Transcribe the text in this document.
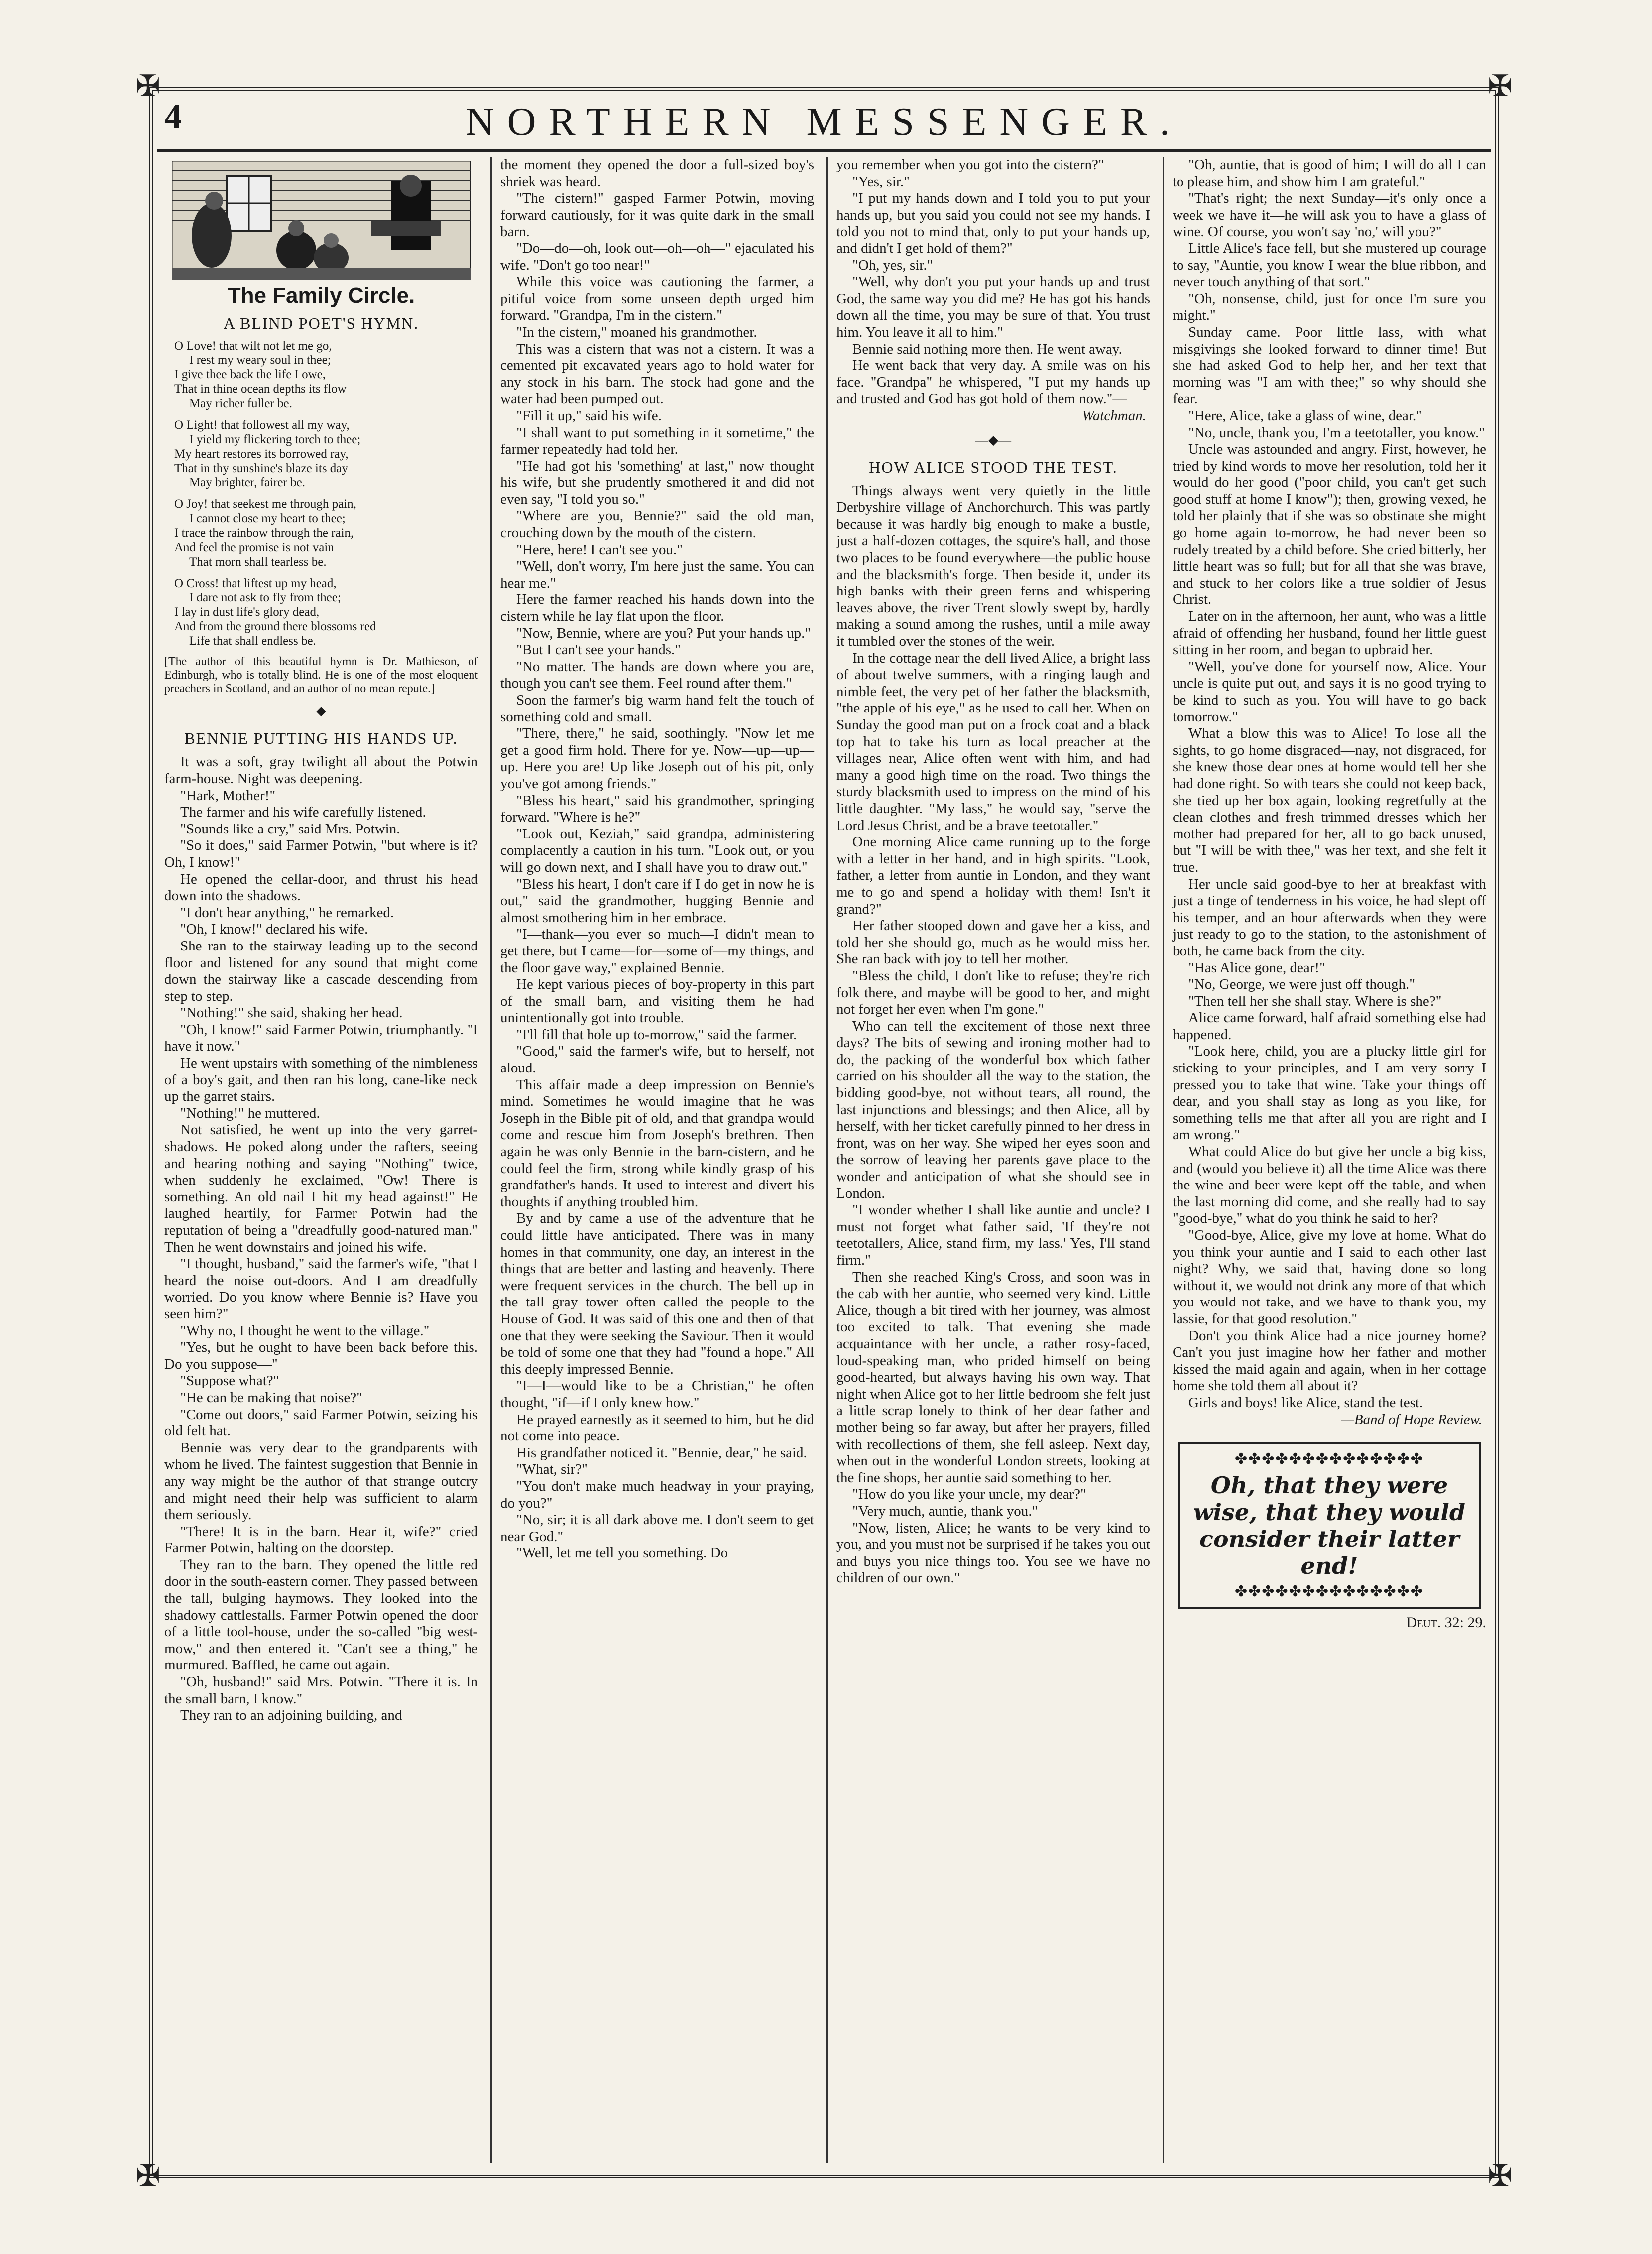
✠	✠
✠	✠
4	NORTHERN MESSENGER.
The Family Circle.
A BLIND POET'S HYMN.
O Love! that wilt not let me go,
I rest my weary soul in thee;
I give thee back the life I owe,
That in thine ocean depths its flow
May richer fuller be.
O Light! that followest all my way,
I yield my flickering torch to thee;
My heart restores its borrowed ray,
That in thy sunshine's blaze its day
May brighter, fairer be.
O Joy! that seekest me through pain,
I cannot close my heart to thee;
I trace the rainbow through the rain,
And feel the promise is not vain
That morn shall tearless be.
O Cross! that liftest up my head,
I dare not ask to fly from thee;
I lay in dust life's glory dead,
And from the ground there blossoms red
Life that shall endless be.

[The author of this beautiful hymn is Dr. Mathieson, of Edinburgh, who is totally blind. He is one of the most eloquent preachers in Scotland, and an author of no mean repute.]

—◆—
BENNIE PUTTING HIS HANDS UP.

It was a soft, gray twilight all about the Potwin farm-house. Night was deepening.

"Hark, Mother!"

The farmer and his wife carefully listened.

"Sounds like a cry," said Mrs. Potwin.

"So it does," said Farmer Potwin, "but where is it? Oh, I know!"

He opened the cellar-door, and thrust his head down into the shadows.

"I don't hear anything," he remarked.

"Oh, I know!" declared his wife.

She ran to the stairway leading up to the second floor and listened for any sound that might come down the stairway like a cascade descending from step to step.

"Nothing!" she said, shaking her head.

"Oh, I know!" said Farmer Potwin, triumphantly. "I have it now."

He went upstairs with something of the nimbleness of a boy's gait, and then ran his long, cane-like neck up the garret stairs.

"Nothing!" he muttered.

Not satisfied, he went up into the very garret-shadows. He poked along under the rafters, seeing and hearing nothing and saying "Nothing" twice, when suddenly he exclaimed, "Ow! There is something. An old nail I hit my head against!" He laughed heartily, for Farmer Potwin had the reputation of being a "dreadfully good-natured man." Then he went downstairs and joined his wife.

"I thought, husband," said the farmer's wife, "that I heard the noise out-doors. And I am dreadfully worried. Do you know where Bennie is? Have you seen him?"

"Why no, I thought he went to the village."

"Yes, but he ought to have been back before this. Do you suppose—"

"Suppose what?"

"He can be making that noise?"

"Come out doors," said Farmer Potwin, seizing his old felt hat.

Bennie was very dear to the grandparents with whom he lived. The faintest suggestion that Bennie in any way might be the author of that strange outcry and might need their help was sufficient to alarm them seriously.

"There! It is in the barn. Hear it, wife?" cried Farmer Potwin, halting on the doorstep.

They ran to the barn. They opened the little red door in the south-eastern corner. They passed between the tall, bulging haymows. They looked into the shadowy cattlestalls. Farmer Potwin opened the door of a little tool-house, under the so-called "big west-mow," and then entered it. "Can't see a thing," he murmured. Baffled, he came out again.

"Oh, husband!" said Mrs. Potwin. "There it is. In the small barn, I know."

They ran to an adjoining building, and

the moment they opened the door a full-sized boy's shriek was heard.

"The cistern!" gasped Farmer Potwin, moving forward cautiously, for it was quite dark in the small barn.

"Do—do—oh, look out—oh—oh—" ejaculated his wife. "Don't go too near!"

While this voice was cautioning the farmer, a pitiful voice from some unseen depth urged him forward. "Grandpa, I'm in the cistern."

"In the cistern," moaned his grandmother.

This was a cistern that was not a cistern. It was a cemented pit excavated years ago to hold water for any stock in his barn. The stock had gone and the water had been pumped out.

"Fill it up," said his wife.

"I shall want to put something in it sometime," the farmer repeatedly had told her.

"He had got his 'something' at last," now thought his wife, but she prudently smothered it and did not even say, "I told you so."

"Where are you, Bennie?" said the old man, crouching down by the mouth of the cistern.

"Here, here! I can't see you."

"Well, don't worry, I'm here just the same. You can hear me."

Here the farmer reached his hands down into the cistern while he lay flat upon the floor.

"Now, Bennie, where are you? Put your hands up."

"But I can't see your hands."

"No matter. The hands are down where you are, though you can't see them. Feel round after them."

Soon the farmer's big warm hand felt the touch of something cold and small.

"There, there," he said, soothingly. "Now let me get a good firm hold. There for ye. Now—up—up—up. Here you are! Up like Joseph out of his pit, only you've got among friends."

"Bless his heart," said his grandmother, springing forward. "Where is he?"

"Look out, Keziah," said grandpa, administering complacently a caution in his turn. "Look out, or you will go down next, and I shall have you to draw out."

"Bless his heart, I don't care if I do get in now he is out," said the grandmother, hugging Bennie and almost smothering him in her embrace.

"I—thank—you ever so much—I didn't mean to get there, but I came—for—some of—my things, and the floor gave way," explained Bennie.

He kept various pieces of boy-property in this part of the small barn, and visiting them he had unintentionally got into trouble.

"I'll fill that hole up to-morrow," said the farmer.

"Good," said the farmer's wife, but to herself, not aloud.

This affair made a deep impression on Bennie's mind. Sometimes he would imagine that he was Joseph in the Bible pit of old, and that grandpa would come and rescue him from Joseph's brethren. Then again he was only Bennie in the barn-cistern, and he could feel the firm, strong while kindly grasp of his grandfather's hands. It used to interest and divert his thoughts if anything troubled him.

By and by came a use of the adventure that he could little have anticipated. There was in many homes in that community, one day, an interest in the things that are better and lasting and heavenly. There were frequent services in the church. The bell up in the tall gray tower often called the people to the House of God. It was said of this one and then of that one that they were seeking the Saviour. Then it would be told of some one that they had "found a hope." All this deeply impressed Bennie.

"I—I—would like to be a Christian," he often thought, "if—if I only knew how."

He prayed earnestly as it seemed to him, but he did not come into peace.

His grandfather noticed it. "Bennie, dear," he said.

"What, sir?"

"You don't make much headway in your praying, do you?"

"No, sir; it is all dark above me. I don't seem to get near God."

"Well, let me tell you something. Do

you remember when you got into the cistern?"

"Yes, sir."

"I put my hands down and I told you to put your hands up, but you said you could not see my hands. I told you not to mind that, only to put your hands up, and didn't I get hold of them?"

"Oh, yes, sir."

"Well, why don't you put your hands up and trust God, the same way you did me? He has got his hands down all the time, you may be sure of that. You trust him. You leave it all to him."

Bennie said nothing more then. He went away.

He went back that very day. A smile was on his face. "Grandpa" he whispered, "I put my hands up and trusted and God has got hold of them now."—

Watchman.

—◆—
HOW ALICE STOOD THE TEST.

Things always went very quietly in the little Derbyshire village of Anchorchurch. This was partly because it was hardly big enough to make a bustle, just a half-dozen cottages, the squire's hall, and those two places to be found everywhere—the public house and the blacksmith's forge. Then beside it, under its high banks with their green ferns and whispering leaves above, the river Trent slowly swept by, hardly making a sound among the rushes, until a mile away it tumbled over the stones of the weir.

In the cottage near the dell lived Alice, a bright lass of about twelve summers, with a ringing laugh and nimble feet, the very pet of her father the blacksmith, "the apple of his eye," as he used to call her. When on Sunday the good man put on a frock coat and a black top hat to take his turn as local preacher at the villages near, Alice often went with him, and had many a good high time on the road. Two things the sturdy blacksmith used to impress on the mind of his little daughter. "My lass," he would say, "serve the Lord Jesus Christ, and be a brave teetotaller."

One morning Alice came running up to the forge with a letter in her hand, and in high spirits. "Look, father, a letter from auntie in London, and they want me to go and spend a holiday with them! Isn't it grand?"

Her father stooped down and gave her a kiss, and told her she should go, much as he would miss her. She ran back with joy to tell her mother.

"Bless the child, I don't like to refuse; they're rich folk there, and maybe will be good to her, and might not forget her even when I'm gone."

Who can tell the excitement of those next three days? The bits of sewing and ironing mother had to do, the packing of the wonderful box which father carried on his shoulder all the way to the station, the bidding good-bye, not without tears, all round, the last injunctions and blessings; and then Alice, all by herself, with her ticket carefully pinned to her dress in front, was on her way. She wiped her eyes soon and the sorrow of leaving her parents gave place to the wonder and anticipation of what she should see in London.

"I wonder whether I shall like auntie and uncle? I must not forget what father said, 'If they're not teetotallers, Alice, stand firm, my lass.' Yes, I'll stand firm."

Then she reached King's Cross, and soon was in the cab with her auntie, who seemed very kind. Little Alice, though a bit tired with her journey, was almost too excited to talk. That evening she made acquaintance with her uncle, a rather rosy-faced, loud-speaking man, who prided himself on being good-hearted, but always having his own way. That night when Alice got to her little bedroom she felt just a little scrap lonely to think of her dear father and mother being so far away, but after her prayers, filled with recollections of them, she fell asleep. Next day, when out in the wonderful London streets, looking at the fine shops, her auntie said something to her.

"How do you like your uncle, my dear?"

"Very much, auntie, thank you."

"Now, listen, Alice; he wants to be very kind to you, and you must not be surprised if he takes you out and buys you nice things too. You see we have no children of our own."

"Oh, auntie, that is good of him; I will do all I can to please him, and show him I am grateful."

"That's right; the next Sunday—it's only once a week we have it—he will ask you to have a glass of wine. Of course, you won't say 'no,' will you?"

Little Alice's face fell, but she mustered up courage to say, "Auntie, you know I wear the blue ribbon, and never touch anything of that sort."

"Oh, nonsense, child, just for once I'm sure you might."

Sunday came. Poor little lass, with what misgivings she looked forward to dinner time! But she had asked God to help her, and her text that morning was "I am with thee;" so why should she fear.

"Here, Alice, take a glass of wine, dear."

"No, uncle, thank you, I'm a teetotaller, you know."

Uncle was astounded and angry. First, however, he tried by kind words to move her resolution, told her it would do her good ("poor child, you can't get such good stuff at home I know"); then, growing vexed, he told her plainly that if she was so obstinate she might go home again to-morrow, he had never been so rudely treated by a child before. She cried bitterly, her little heart was so full; but for all that she was brave, and stuck to her colors like a true soldier of Jesus Christ.

Later on in the afternoon, her aunt, who was a little afraid of offending her husband, found her little guest sitting in her room, and began to upbraid her.

"Well, you've done for yourself now, Alice. Your uncle is quite put out, and says it is no good trying to be kind to such as you. You will have to go back tomorrow."

What a blow this was to Alice! To lose all the sights, to go home disgraced—nay, not disgraced, for she knew those dear ones at home would tell her she had done right. So with tears she could not keep back, she tied up her box again, looking regretfully at the clean clothes and fresh trimmed dresses which her mother had prepared for her, all to go back unused, but "I will be with thee," was her text, and she felt it true.

Her uncle said good-bye to her at breakfast with just a tinge of tenderness in his voice, he had slept off his temper, and an hour afterwards when they were just ready to go to the station, to the astonishment of both, he came back from the city.

"Has Alice gone, dear!"

"No, George, we were just off though."

"Then tell her she shall stay. Where is she?"

Alice came forward, half afraid something else had happened.

"Look here, child, you are a plucky little girl for sticking to your principles, and I am very sorry I pressed you to take that wine. Take your things off dear, and you shall stay as long as you like, for something tells me that after all you are right and I am wrong."

What could Alice do but give her uncle a big kiss, and (would you believe it) all the time Alice was there the wine and beer were kept off the table, and when the last morning did come, and she really had to say "good-bye," what do you think he said to her?

"Good-bye, Alice, give my love at home. What do you think your auntie and I said to each other last night? Why, we said that, having done so long without it, we would not drink any more of that which you would not take, and we have to thank you, my lassie, for that good resolution."

Don't you think Alice had a nice journey home? Can't you just imagine how her father and mother kissed the maid again and again, when in her cottage home she told them all about it?

Girls and boys! like Alice, stand the test.

—Band of Hope Review.

✤✤✤✤✤✤✤✤✤✤✤✤✤✤
Oh, that they were
wise, that they would
consider their latter end!
✤✤✤✤✤✤✤✤✤✤✤✤✤✤
Deut. 32: 29.
